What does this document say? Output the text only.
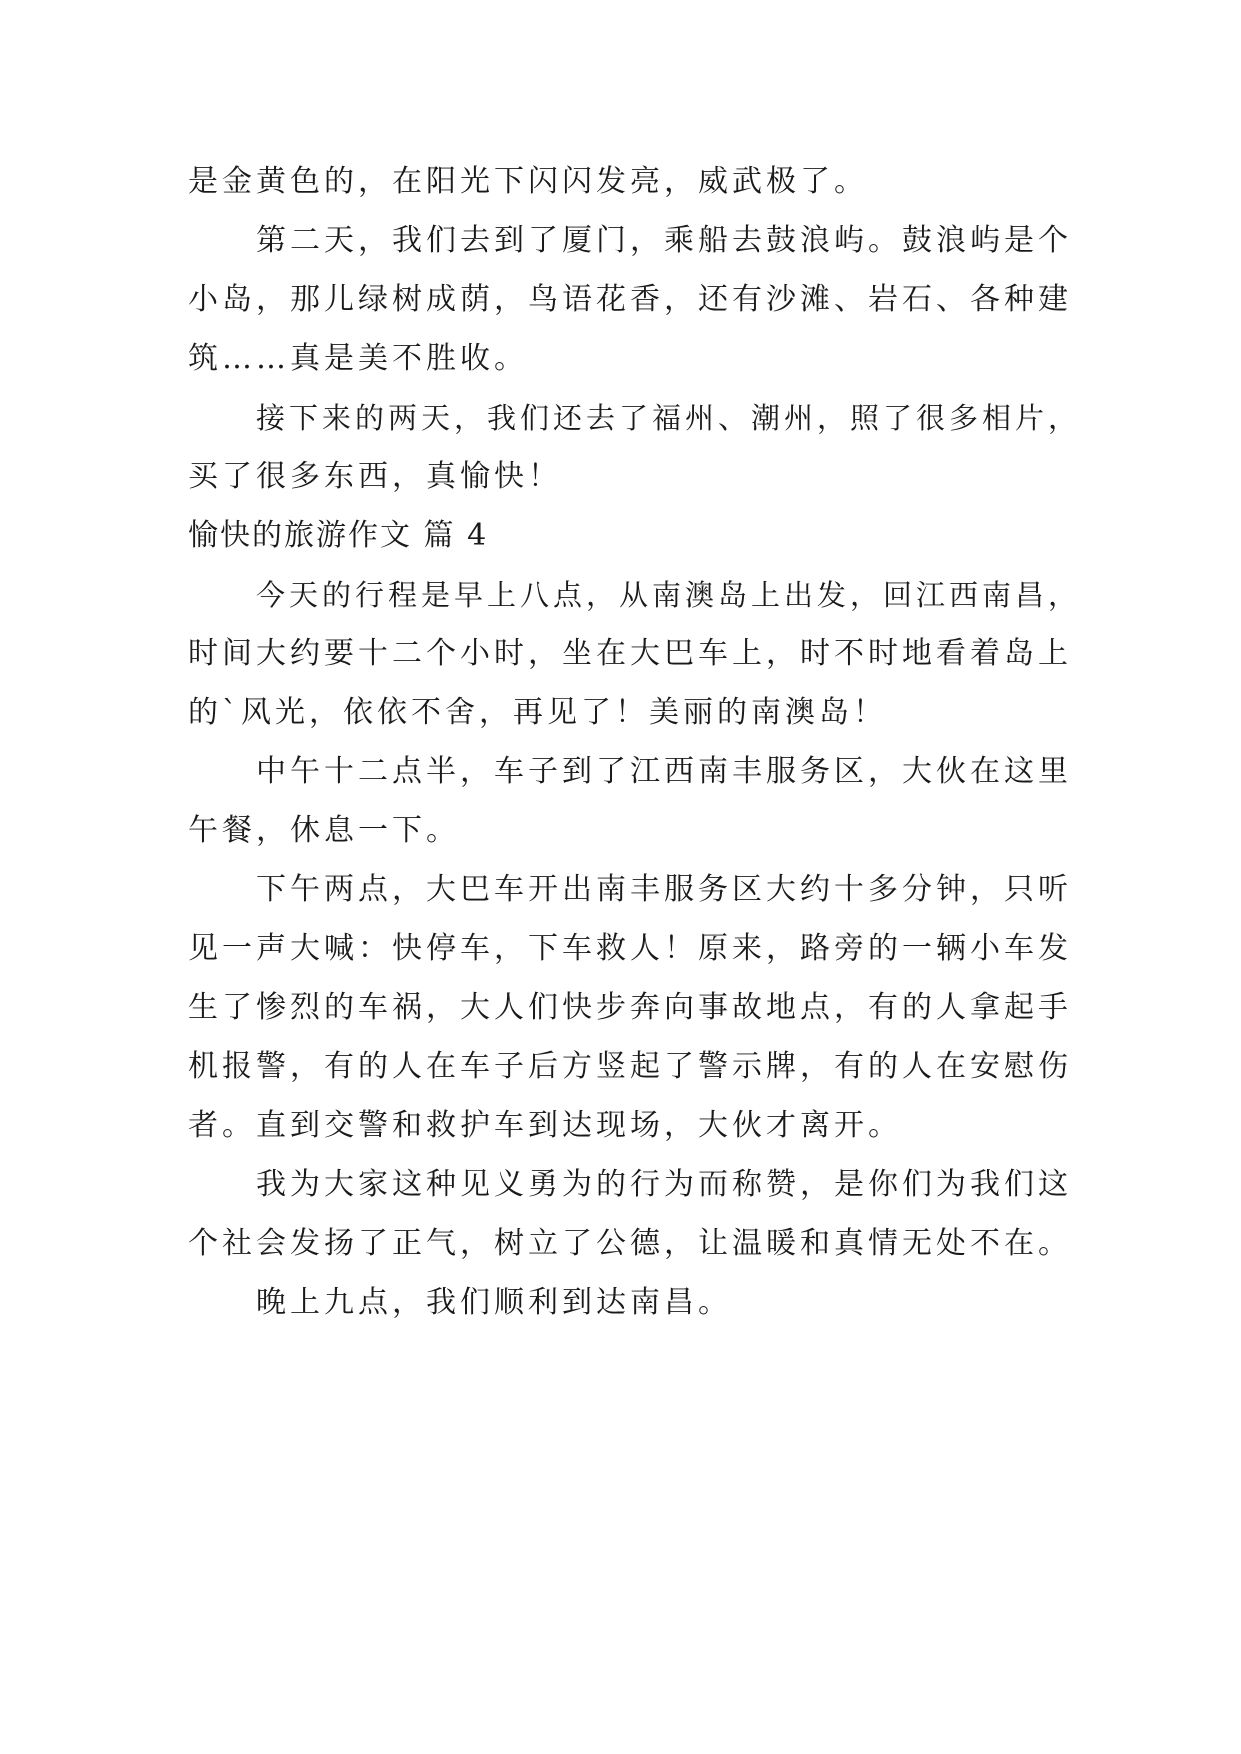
是金黄色的，在阳光下闪闪发亮，威武极了。
第二天，我们去到了厦门，乘船去鼓浪屿。鼓浪屿是个
小岛，那儿绿树成荫，鸟语花香，还有沙滩、岩石、各种建
筑……真是美不胜收。
接下来的两天，我们还去了福州、潮州，照了很多相片，
买了很多东西，真愉快！
愉快的旅游作文 篇 4
今天的行程是早上八点，从南澳岛上出发，回江西南昌，
时间大约要十二个小时，坐在大巴车上，时不时地看着岛上
的`风光，依依不舍，再见了！美丽的南澳岛！
中午十二点半，车子到了江西南丰服务区，大伙在这里
午餐，休息一下。
下午两点，大巴车开出南丰服务区大约十多分钟，只听
见一声大喊：快停车，下车救人！原来，路旁的一辆小车发
生了惨烈的车祸，大人们快步奔向事故地点，有的人拿起手
机报警，有的人在车子后方竖起了警示牌，有的人在安慰伤
者。直到交警和救护车到达现场，大伙才离开。
我为大家这种见义勇为的行为而称赞，是你们为我们这
个社会发扬了正气，树立了公德，让温暖和真情无处不在。
晚上九点，我们顺利到达南昌。
